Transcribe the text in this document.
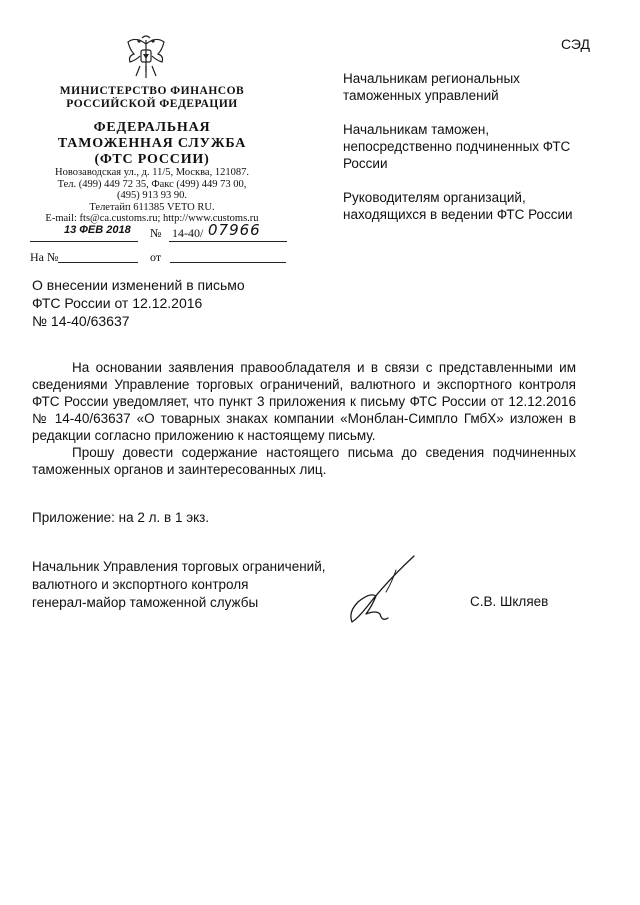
СЭД
МИНИСТЕРСТВО ФИНАНСОВ
РОССИЙСКОЙ ФЕДЕРАЦИИ
ФЕДЕРАЛЬНАЯ
ТАМОЖЕННАЯ СЛУЖБА
(ФТС РОССИИ)
Новозаводская ул., д. 11/5, Москва, 121087.
Тел. (499) 449 72 35, Факс (499) 449 73 00,
(495) 913 93 90.
Телетайп 611385 VETO RU.
E-mail: fts@ca.customs.ru; http://www.customs.ru
13 ФЕВ 2018 № 14-40/ 07966
На №	от
Начальникам региональных таможенных управлений
Начальникам таможен, непосредственно подчиненных ФТС России
Руководителям организаций, находящихся в ведении ФТС России
О внесении изменений в письмо
ФТС России от 12.12.2016
№ 14-40/63637

На основании заявления правообладателя и в связи с представленными им сведениями Управление торговых ограничений, валютного и экспортного контроля ФТС России уведомляет, что пункт 3 приложения к письму ФТС России от 12.12.2016 № 14-40/63637 «О товарных знаках компании «Монблан-Симпло ГмбХ» изложен в редакции согласно приложению к настоящему письму.

Прошу довести содержание настоящего письма до сведения подчиненных таможенных органов и заинтересованных лиц.

Приложение: на 2 л. в 1 экз.
Начальник Управления торговых ограничений,
валютного и экспортного контроля
генерал-майор таможенной службы	С.В. Шкляев
